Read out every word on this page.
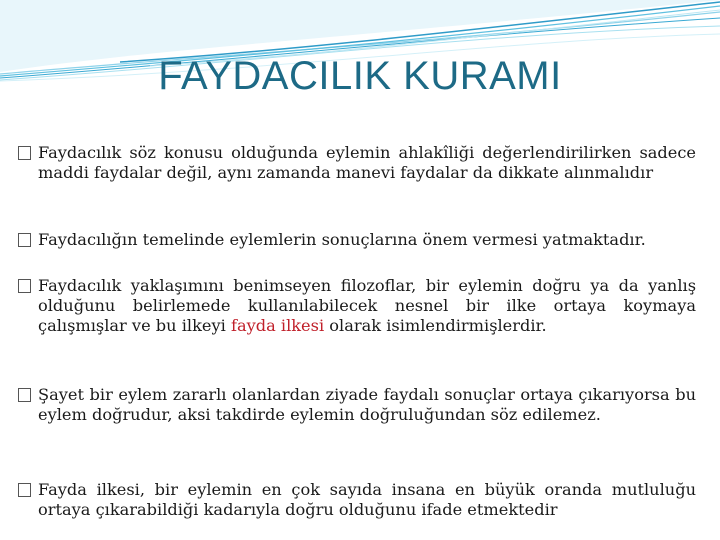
FAYDACILIK KURAMI
Faydacılık söz konusu olduğunda eylemin ahlakîliği değerlendirilirken sadece maddi faydalar değil, aynı zamanda manevi faydalar da dikkate alınmalıdır
Faydacılığın temelinde eylemlerin sonuçlarına önem vermesi yatmaktadır.
Faydacılık yaklaşımını benimseyen filozoflar, bir eylemin doğru ya da yanlış olduğunu belirlemede kullanılabilecek nesnel bir ilke ortaya koymaya çalışmışlar ve bu ilkeyi fayda ilkesi olarak isimlendirmişlerdir.
Şayet bir eylem zararlı olanlardan ziyade faydalı sonuçlar ortaya çıkarıyorsa bu eylem doğrudur, aksi takdirde eylemin doğruluğundan söz edilemez.
Fayda ilkesi, bir eylemin en çok sayıda insana en büyük oranda mutluluğu ortaya çıkarabildiği kadarıyla doğru olduğunu ifade etmektedir
